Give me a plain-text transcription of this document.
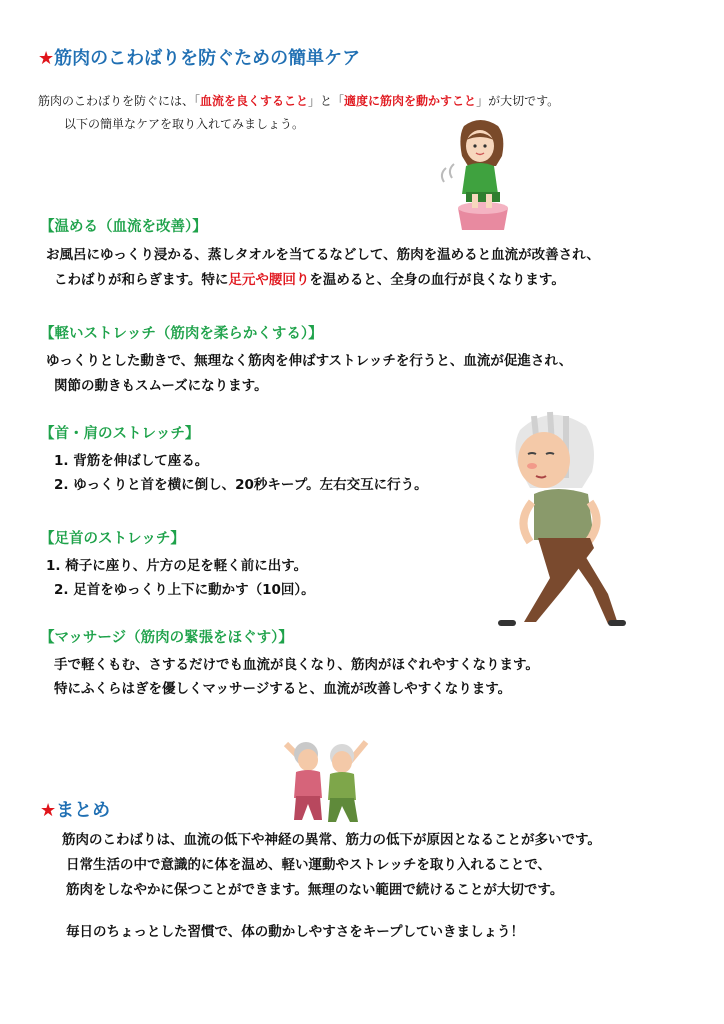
★筋肉のこわばりを防ぐための簡単ケア
筋肉のこわばりを防ぐには、「血流を良くすること」と「適度に筋肉を動かすこと」が大切です。
以下の簡単なケアを取り入れてみましょう。
【温める（血流を改善）】
お風呂にゆっくり浸かる、蒸しタオルを当てるなどして、筋肉を温めると血流が改善され、
こわばりが和らぎます。特に足元や腰回りを温めると、全身の血行が良くなります。
【軽いストレッチ（筋肉を柔らかくする）】
ゆっくりとした動きで、無理なく筋肉を伸ばすストレッチを行うと、血流が促進され、
関節の動きもスムーズになります。
【首・肩のストレッチ】
1. 背筋を伸ばして座る。
2. ゆっくりと首を横に倒し、20秒キープ。左右交互に行う。
【足首のストレッチ】
1. 椅子に座り、片方の足を軽く前に出す。
2. 足首をゆっくり上下に動かす（10回）。
【マッサージ（筋肉の緊張をほぐす）】
手で軽くもむ、さするだけでも血流が良くなり、筋肉がほぐれやすくなります。
特にふくらはぎを優しくマッサージすると、血流が改善しやすくなります。
★まとめ
筋肉のこわばりは、血流の低下や神経の異常、筋力の低下が原因となることが多いです。
日常生活の中で意識的に体を温め、軽い運動やストレッチを取り入れることで、
筋肉をしなやかに保つことができます。無理のない範囲で続けることが大切です。
毎日のちょっとした習慣で、体の動かしやすさをキープしていきましょう！
